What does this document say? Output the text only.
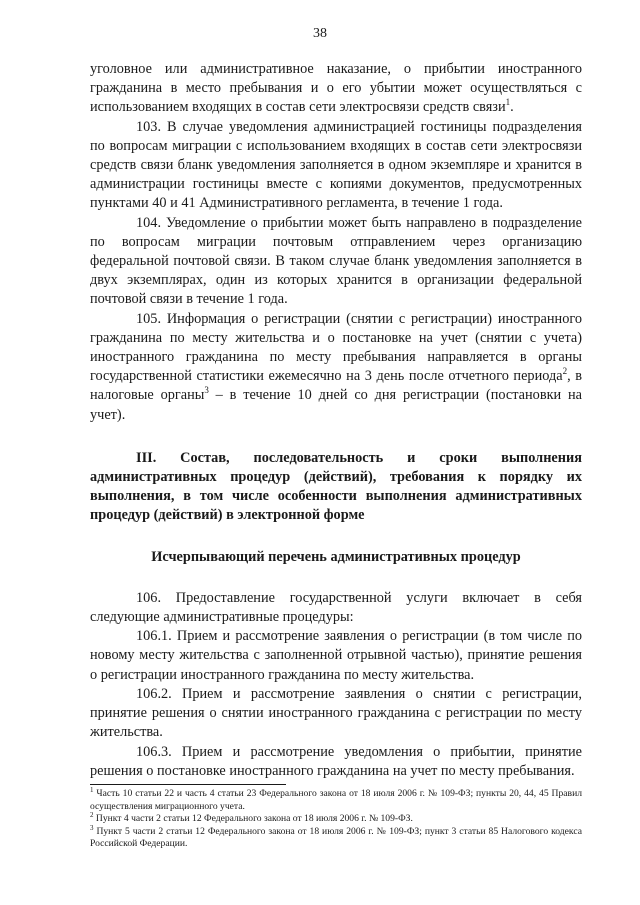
38

уголовное или административное наказание, о прибытии иностранного гражданина в место пребывания и о его убытии может осуществляться с использованием входящих в состав сети электросвязи средств связи$^1$.

103. В случае уведомления администрацией гостиницы подразделения по вопросам миграции с использованием входящих в состав сети электросвязи средств связи бланк уведомления заполняется в одном экземпляре и хранится в администрации гостиницы вместе с копиями документов, предусмотренных пунктами 40 и 41 Административного регламента, в течение 1 года.

104. Уведомление о прибытии может быть направлено в подразделение по вопросам миграции почтовым отправлением через организацию федеральной почтовой связи. В таком случае бланк уведомления заполняется в двух экземплярах, один из которых хранится в организации федеральной почтовой связи в течение 1 года.

105. Информация о регистрации (снятии с регистрации) иностранного гражданина по месту жительства и о постановке на учет (снятии с учета) иностранного гражданина по месту пребывания направляется в органы государственной статистики ежемесячно на 3 день после отчетного периода$^2$, в налоговые органы$^3$ – в течение 10 дней со дня регистрации (постановки на учет).

III. Состав, последовательность и сроки выполнения административных процедур (действий), требования к порядку их выполнения, в том числе особенности выполнения административных процедур (действий) в электронной форме

Исчерпывающий перечень административных процедур

106. Предоставление государственной услуги включает в себя следующие административные процедуры:

106.1. Прием и рассмотрение заявления о регистрации (в том числе по новому месту жительства с заполненной отрывной частью), принятие решения о регистрации иностранного гражданина по месту жительства.

106.2. Прием и рассмотрение заявления о снятии с регистрации, принятие решения о снятии иностранного гражданина с регистрации по месту жительства.

106.3. Прием и рассмотрение уведомления о прибытии, принятие решения о постановке иностранного гражданина на учет по месту пребывания.

$^1$ Часть 10 статьи 22 и часть 4 статьи 23 Федерального закона от 18 июля 2006 г. № 109-ФЗ; пункты 20, 44, 45 Правил осуществления миграционного учета.

$^2$ Пункт 4 части 2 статьи 12 Федерального закона от 18 июля 2006 г. № 109-ФЗ.

$^3$ Пункт 5 части 2 статьи 12 Федерального закона от 18 июля 2006 г. № 109-ФЗ; пункт 3 статьи 85 Налогового кодекса Российской Федерации.
